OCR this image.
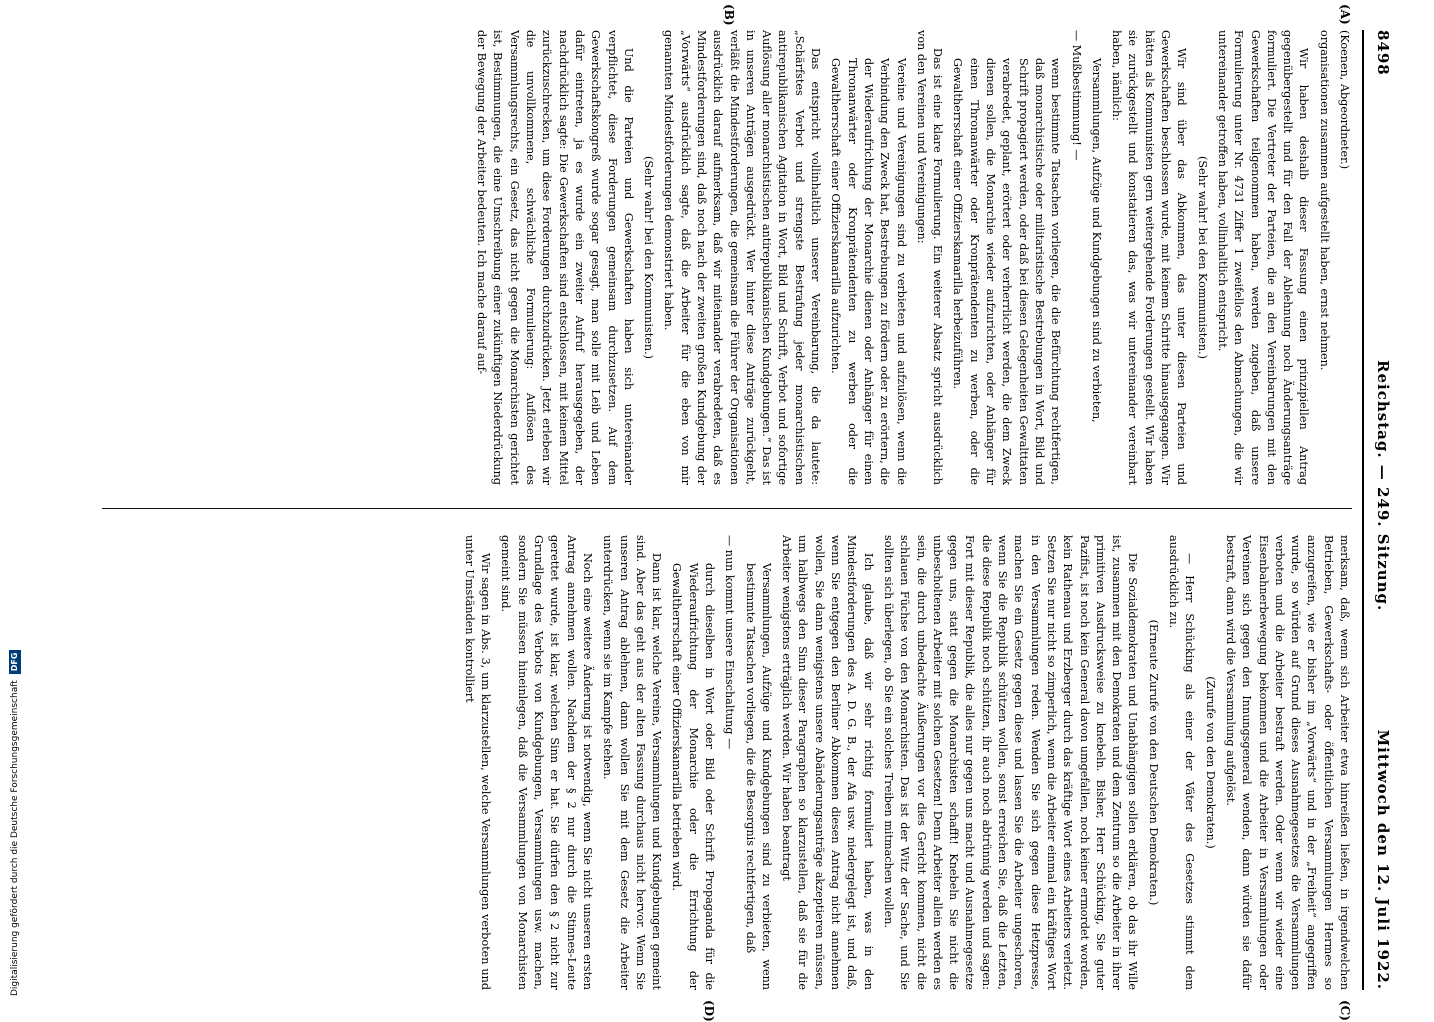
8498
Reichstag. — 249. Sitzung.
Mittwoch den 12. Juli 1922.
(A)
(B)
(C)
(D)

(Koenen, Abgeordneter.)

organisationen zusammen aufgestellt haben, ernst nehmen.

Wir haben deshalb dieser Fassung einen prinzipiellen Antrag gegenübergestellt und für den Fall der Ablehnung noch Änderungsanträge formuliert. Die Vertreter der Parteien, die an den Vereinbarungen mit den Gewerkschaften teilgenommen haben, werden zugeben, daß unsere Formulierung unter Nr. 4731 Ziffer 1 zweifellos den Abmachungen, die wir untereinander getroffen haben, vollinhaltlich entspricht.

(Sehr wahr! bei den Kommunisten.)

Wir sind über das Abkommen, das unter diesen Parteien und Gewerkschaften beschlossen wurde, mit keinem Schritte hinausgegangen. Wir hätten als Kommunisten gern weitergehende Forderungen gestellt. Wir haben sie zurückgestellt und konstatieren das, was wir untereinander vereinbart haben, nämlich:

Versammlungen, Aufzüge und Kundgebungen sind zu verbieten,

— Mußbestimmung! —

wenn bestimmte Tatsachen vorliegen, die die Befürchtung rechtfertigen, daß monarchistische oder militaristische Bestrebungen in Wort, Bild und Schrift propagiert werden, oder daß bei diesen Gelegenheiten Gewalttaten verabredet, geplant, erörtert oder verherrlicht werden, die dem Zweck dienen sollen, die Monarchie wieder aufzurichten, oder Anhänger für einen Thronanwärter oder Kronprätendenten zu werben, oder die Gewaltherrschaft einer Offizierskamarilla herbeizuführen.

Das ist eine klare Formulierung. Ein weiterer Absatz spricht ausdrücklich von den Vereinen und Vereinigungen:

Vereine und Vereinigungen sind zu verbieten und aufzulösen, wenn die Verbindung den Zweck hat, Bestrebungen zu fördern oder zu erörtern, die der Wiederaufrichtung der Monarchie dienen oder Anhänger für einen Thronanwärter oder Kronprätendenten zu werben oder die Gewaltherrschaft einer Offizierskamarilla aufzurichten.

Das entspricht vollinhaltlich unserer Vereinbarung, die da lautete: „Schärfstes Verbot und strengste Bestrafung jeder monarchistischen antirepublikanischen Agitation in Wort, Bild und Schrift, Verbot und sofortige Auflösung aller monarchistischen antirepublikanischen Kundgebungen.“ Das ist in unseren Anträgen ausgedrückt. Wer hinter diese Anträge zurückgeht, verläßt die Mindestforderungen, die gemeinsam die Führer der Organisationen ausdrücklich darauf aufmerksam, daß wir miteinander verabredeten, daß es Mindestforderungen sind, daß noch nach der zweiten großen Kundgebung der „Vorwärts“ ausdrücklich sagte, daß die Arbeiter für die eben von mir genannten Mindestforderungen demonstriert haben.

(Sehr wahr! bei den Kommunisten.)

Und die Parteien und Gewerkschaften haben sich untereinander verpflichtet, diese Forderungen gemeinsam durchzusetzen. Auf dem Gewerkschaftskongreß wurde sogar gesagt, man solle mit Leib und Leben dafür eintreten, ja es wurde ein zweiter Aufruf herausgegeben, der nachdrücklich sagte: Die Gewerkschaften sind entschlossen, mit keinem Mittel zurückzuschrecken, um diese Forderungen durchzudrücken. Jetzt erleben wir die unvollkommene, schwächliche Formulierung: Auflösen des Versammlungsrechts, ein Gesetz, das nicht gegen die Monarchisten gerichtet ist, Bestimmungen, die eine Umschreibung einer zukünftigen Niederdrückung der Bewegung der Arbeiter bedeuten. Ich mache darauf auf-

merksam, daß, wenn sich Arbeiter etwa hinreißen ließen, in irgendwelchen Betrieben, Gewerkschafts- oder öffentlichen Versammlungen Hermes so anzugreifen, wie er bisher im „Vorwärts“ und in der „Freiheit“ angegriffen wurde, so würden auf Grund dieses Ausnahmegesetzes die Versammlungen verboten und die Arbeiter bestraft werden. Oder wenn wir wieder eine Eisenbahnerbewegung bekommen und die Arbeiter in Versammlungen oder Vereinen sich gegen den Innungsgeneral wenden, dann würden sie dafür bestraft, dann wird die Versammlung aufgelöst.

(Zurufe von den Demokraten.)

— Herr Schücking als einer der Väter des Gesetzes stimmt dem ausdrücklich zu.

(Erneute Zurufe von den Deutschen Demokraten.)

Die Sozialdemokraten und Unabhängigen sollen erklären, ob das ihr Wille ist, zusammen mit den Demokraten und dem Zentrum so die Arbeiter in ihrer primitiven Ausdrucksweise zu knebeln. Bisher, Herr Schücking, Sie guter Pazifist, ist noch kein General davon umgefallen, noch keiner ermordet worden, kein Rathenau und Erzberger durch das kräftige Wort eines Arbeiters verletzt. Setzen Sie nur nicht so zimperlich, wenn die Arbeiter einmal ein kräftiges Wort in den Versammlungen reden. Wenden Sie sich gegen diese Hetzpresse, machen Sie ein Gesetz gegen diese und lassen Sie die Arbeiter ungeschoren, wenn Sie die Republik schützen wollen, sonst erreichen Sie, daß die Letzten, die diese Republik noch schützen, ihr auch noch abtrünnig werden und sagen: Fort mit dieser Republik, die alles nur gegen uns macht und Ausnahmegesetze gegen uns, statt gegen die Monarchisten schafft! Knebeln Sie nicht die unbescholtenen Arbeiter mit solchen Gesetzen! Denn Arbeiter allein werden es sein, die durch unbedachte Äußerungen vor dies Gericht kommen, nicht die schlauen Füchse von den Monarchisten. Das ist der Witz der Sache, und Sie sollten sich überlegen, ob Sie ein solches Treiben mitmachen wollen.

Ich glaube, daß wir sehr richtig formuliert haben, was in den Mindestforderungen des A. D. G. B., der Afa usw. niedergelegt ist, und daß, wenn Sie entgegen den Berliner Abkommen diesen Antrag nicht annehmen wollen, Sie dann wenigstens unsere Abänderungsanträge akzeptieren müssen, um halbwegs den Sinn dieser Paragraphen so klarzustellen, daß sie für die Arbeiter wenigstens erträglich werden. Wir haben beantragt

Versammlungen, Aufzüge und Kundgebungen sind zu verbieten, wenn bestimmte Tatsachen vorliegen, die die Besorgnis rechtfertigen, daß

— nun kommt unsere Einschaltung —

durch dieselben in Wort oder Bild oder Schrift Propaganda für die Wiederaufrichtung der Monarchie oder die Errichtung der Gewaltherrschaft einer Offizierskamarilla betrieben wird.

Dann ist klar, welche Vereine, Versammlungen und Kundgebungen gemeint sind. Aber das geht aus der alten Fassung durchaus nicht hervor. Wenn Sie unseren Antrag ablehnen, dann wollen Sie mit dem Gesetz die Arbeiter unterdrücken, wenn sie im Kampfe stehen.

Noch eine weitere Änderung ist notwendig, wenn Sie nicht unseren ersten Antrag annehmen wollen. Nachdem der § 2 nur durch die Stinnes-Leute gerettet wurde, ist klar, welchen Sinn er hat. Sie dürfen den § 2 nicht zur Grundlage des Verbots von Kundgebungen, Versammlungen usw. machen, sondern Sie müssen hineinlegen, daß die Versammlungen von Monarchisten gemeint sind.

Wir sagen in Abs. 3, um klarzustellen, welche Versammlungen verboten und unter Umständen kontrolliert

Digitalisierung gefördert durch die Deutsche Forschungsgemeinschaft
DFG
